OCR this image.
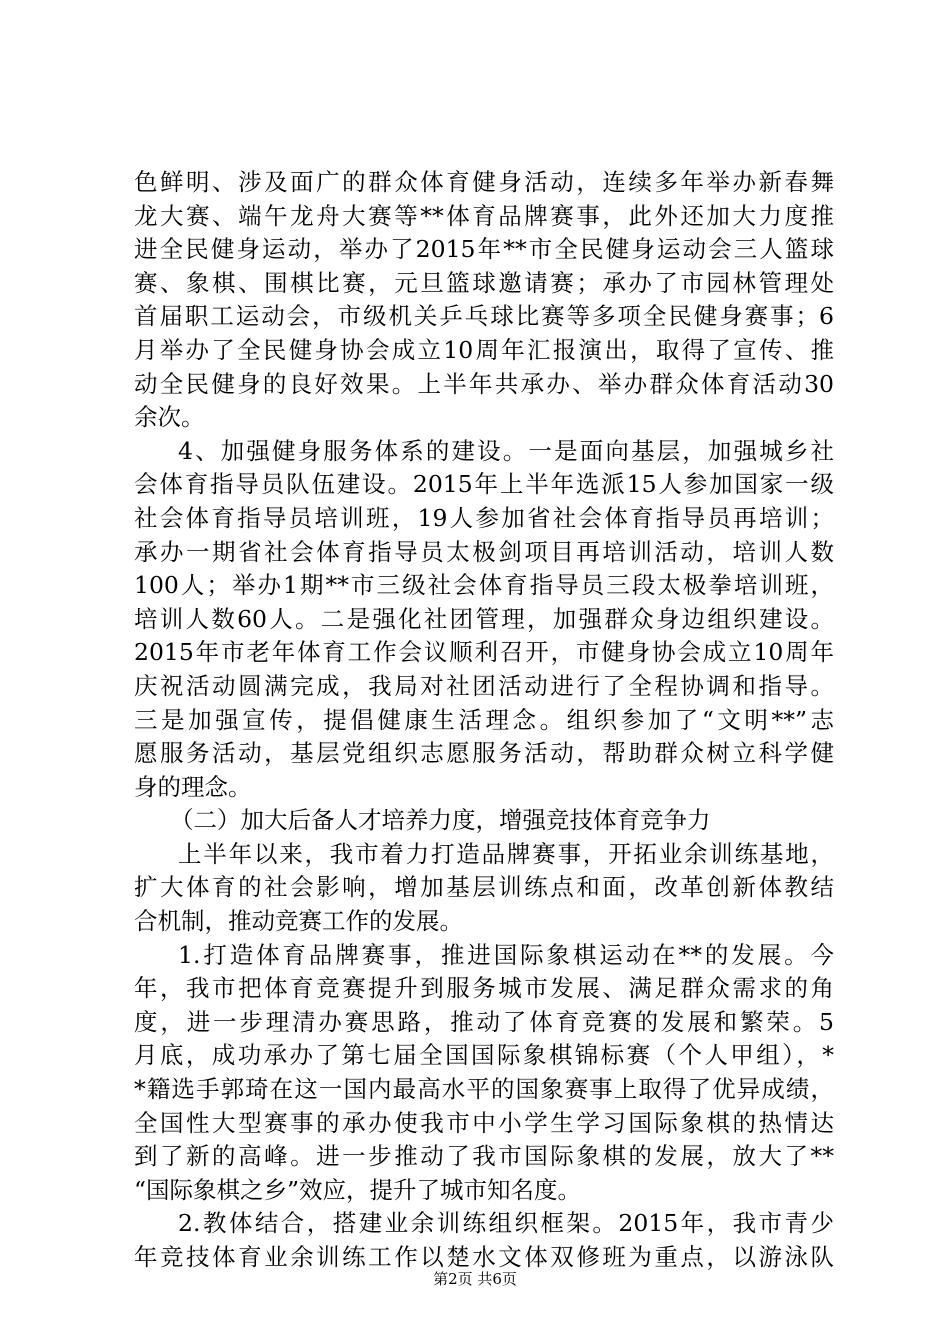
色鲜明、涉及面广的群众体育健身活动，连续多年举办新春舞
龙大赛、端午龙舟大赛等**体育品牌赛事，此外还加大力度推
进全民健身运动，举办了2015年**市全民健身运动会三人篮球
赛、象棋、围棋比赛，元旦篮球邀请赛；承办了市园林管理处
首届职工运动会，市级机关乒乓球比赛等多项全民健身赛事；6
月举办了全民健身协会成立10周年汇报演出，取得了宣传、推
动全民健身的良好效果。上半年共承办、举办群众体育活动30
余次。
4、加强健身服务体系的建设。一是面向基层，加强城乡社
会体育指导员队伍建设。2015年上半年选派15人参加国家一级
社会体育指导员培训班，19人参加省社会体育指导员再培训；
承办一期省社会体育指导员太极剑项目再培训活动，培训人数
100人；举办1期**市三级社会体育指导员三段太极拳培训班，
培训人数60人。二是强化社团管理，加强群众身边组织建设。
2015年市老年体育工作会议顺利召开，市健身协会成立10周年
庆祝活动圆满完成，我局对社团活动进行了全程协调和指导。
三是加强宣传，提倡健康生活理念。组织参加了“文明**”志
愿服务活动，基层党组织志愿服务活动，帮助群众树立科学健
身的理念。
（二）加大后备人才培养力度，增强竞技体育竞争力
上半年以来，我市着力打造品牌赛事，开拓业余训练基地，
扩大体育的社会影响，增加基层训练点和面，改革创新体教结
合机制，推动竞赛工作的发展。
1.打造体育品牌赛事，推进国际象棋运动在**的发展。今
年，我市把体育竞赛提升到服务城市发展、满足群众需求的角
度，进一步理清办赛思路，推动了体育竞赛的发展和繁荣。5
月底，成功承办了第七届全国国际象棋锦标赛（个人甲组），*
*籍选手郭琦在这一国内最高水平的国象赛事上取得了优异成绩，
全国性大型赛事的承办使我市中小学生学习国际象棋的热情达
到了新的高峰。进一步推动了我市国际象棋的发展，放大了**
“国际象棋之乡”效应，提升了城市知名度。
2.教体结合，搭建业余训练组织框架。2015年，我市青少
年竞技体育业余训练工作以楚水文体双修班为重点，以游泳队
第2页 共6页
